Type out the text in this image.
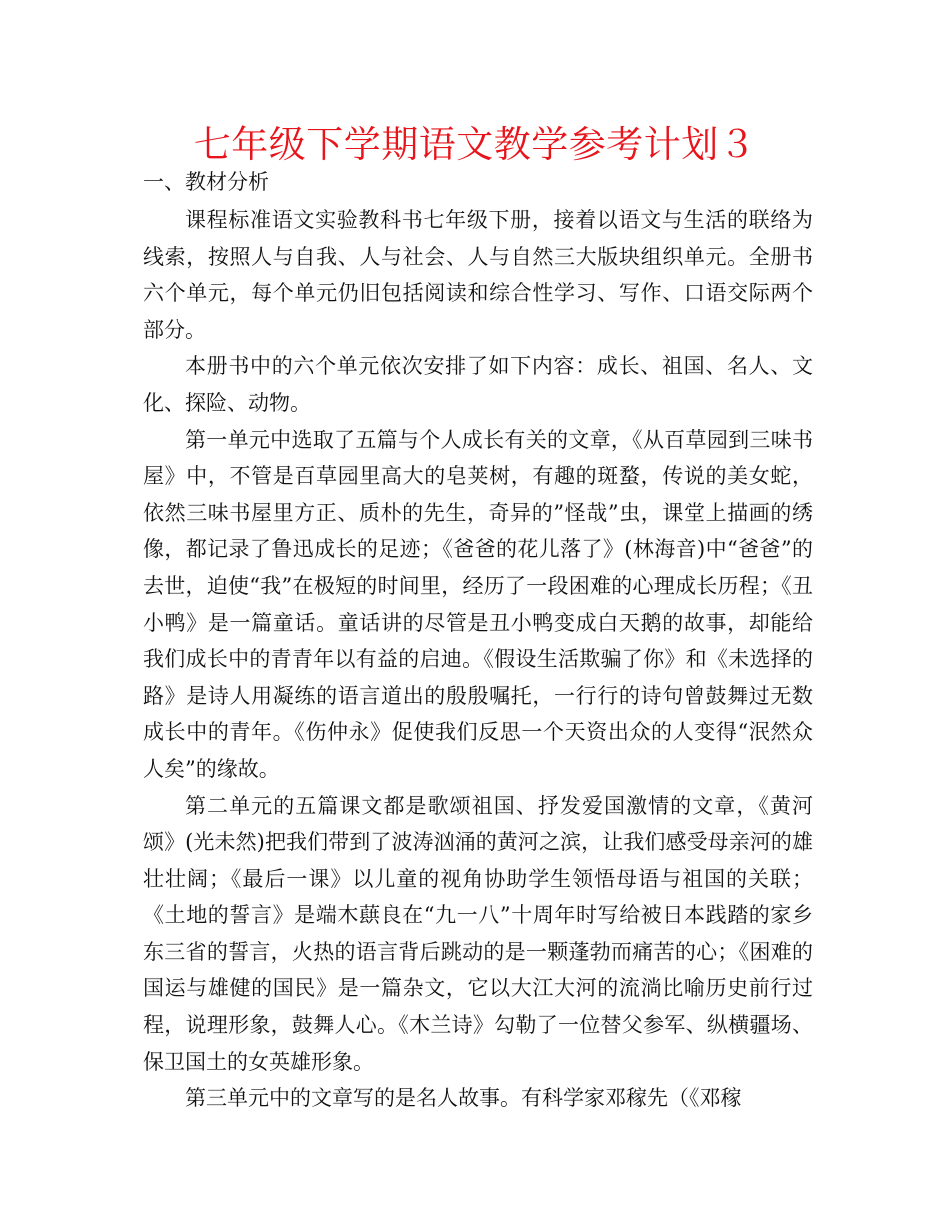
七年级下学期语文教学参考计划３
一、教材分析

课程标准语文实验教科书七年级下册，接着以语文与生活的联络为线索，按照人与自我、人与社会、人与自然三大版块组织单元。全册书六个单元，每个单元仍旧包括阅读和综合性学习、写作、口语交际两个部分。

本册书中的六个单元依次安排了如下内容：成长、祖国、名人、文化、探险、动物。

第一单元中选取了五篇与个人成长有关的文章，《从百草园到三味书屋》中，不管是百草园里高大的皂荚树，有趣的斑蝥，传说的美女蛇，依然三味书屋里方正、质朴的先生，奇异的”怪哉”虫，课堂上描画的绣像，都记录了鲁迅成长的足迹；《爸爸的花儿落了》(林海音)中“爸爸”的去世，迫使“我”在极短的时间里，经历了一段困难的心理成长历程；《丑小鸭》是一篇童话。童话讲的尽管是丑小鸭变成白天鹅的故事，却能给我们成长中的青青年以有益的启迪。《假设生活欺骗了你》和《未选择的路》是诗人用凝练的语言道出的殷殷嘱托，一行行的诗句曾鼓舞过无数成长中的青年。《伤仲永》促使我们反思一个天资出众的人变得“泯然众人矣”的缘故。

第二单元的五篇课文都是歌颂祖国、抒发爱国激情的文章，《黄河颂》(光未然)把我们带到了波涛汹涌的黄河之滨，让我们感受母亲河的雄壮壮阔；《最后一课》以儿童的视角协助学生领悟母语与祖国的关联；《土地的誓言》是端木蕻良在“九一八”十周年时写给被日本践踏的家乡东三省的誓言，火热的语言背后跳动的是一颗蓬勃而痛苦的心；《困难的国运与雄健的国民》是一篇杂文，它以大江大河的流淌比喻历史前行过程，说理形象，鼓舞人心。《木兰诗》勾勒了一位替父参军、纵横疆场、保卫国土的女英雄形象。

第三单元中的文章写的是名人故事。有科学家邓稼先（《邓稼
